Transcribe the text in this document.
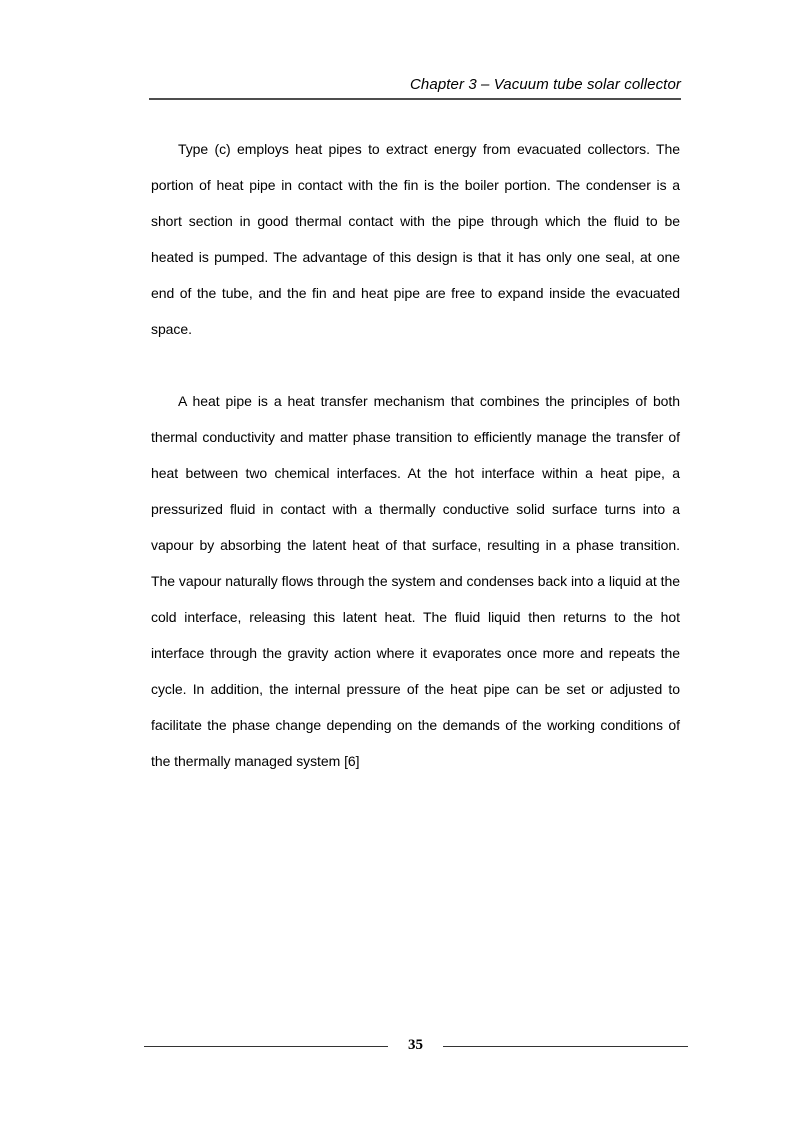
Chapter 3 – Vacuum tube solar collector

Type (c) employs heat pipes to extract energy from evacuated collectors. The portion of heat pipe in contact with the fin is the boiler portion. The condenser is a short section in good thermal contact with the pipe through which the fluid to be heated is pumped. The advantage of this design is that it has only one seal, at one end of the tube, and the fin and heat pipe are free to expand inside the evacuated space.

A heat pipe is a heat transfer mechanism that combines the principles of both thermal conductivity and matter phase transition to efficiently manage the transfer of heat between two chemical interfaces. At the hot interface within a heat pipe, a pressurized fluid in contact with a thermally conductive solid surface turns into a vapour by absorbing the latent heat of that surface, resulting in a phase transition. The vapour naturally flows through the system and condenses back into a liquid at the cold interface, releasing this latent heat. The fluid liquid then returns to the hot interface through the gravity action where it evaporates once more and repeats the cycle. In addition, the internal pressure of the heat pipe can be set or adjusted to facilitate the phase change depending on the demands of the working conditions of the thermally managed system [6]

35
